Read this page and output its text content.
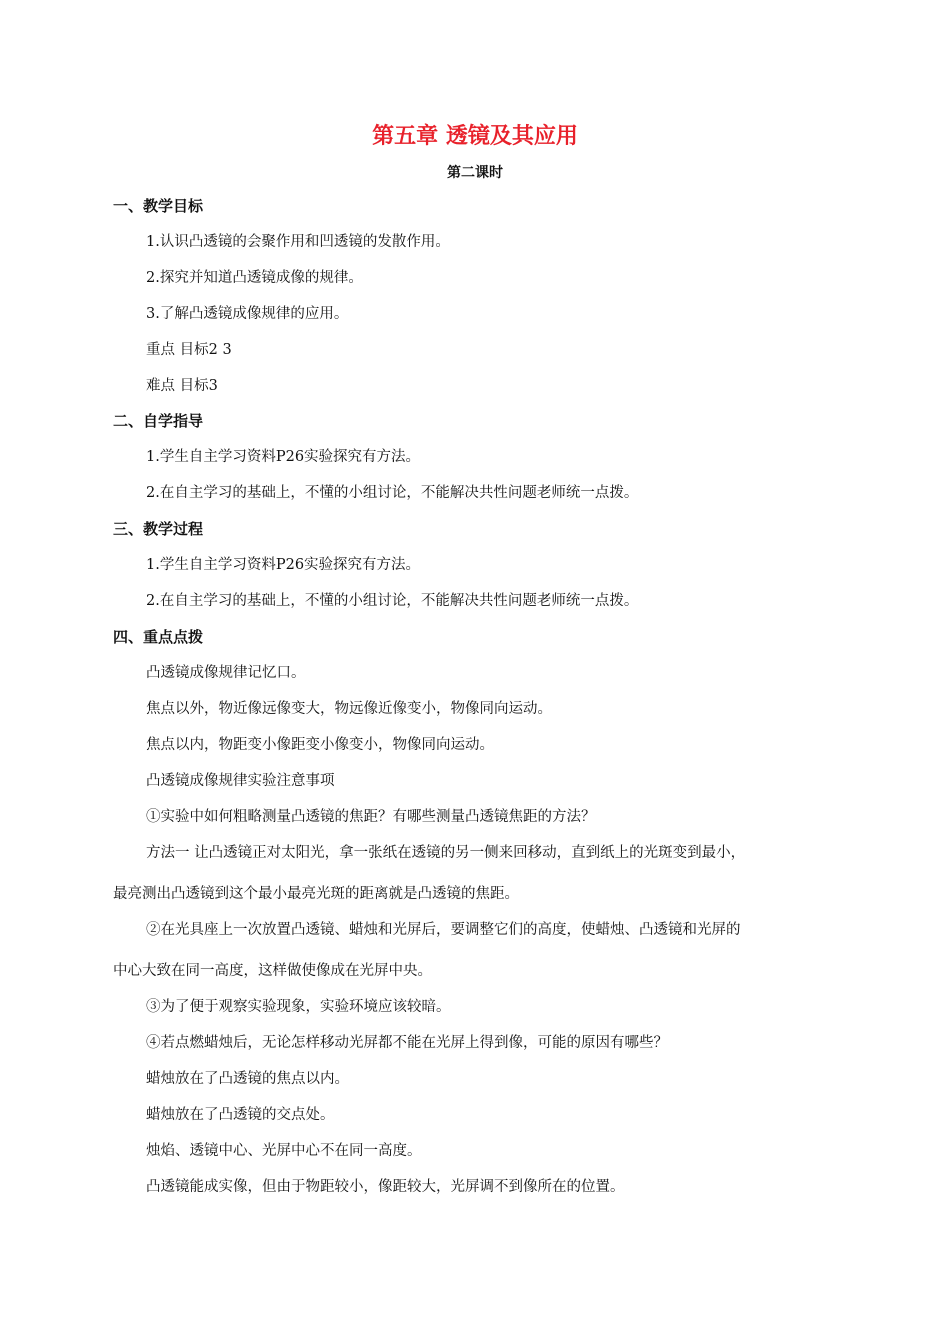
第五章 透镜及其应用
第二课时
一、教学目标
1.认识凸透镜的会聚作用和凹透镜的发散作用。
2.探究并知道凸透镜成像的规律。
3.了解凸透镜成像规律的应用。
重点 目标2 3
难点 目标3
二、自学指导
1.学生自主学习资料P26实验探究有方法。
2.在自主学习的基础上，不懂的小组讨论，不能解决共性问题老师统一点拨。
三、教学过程
1.学生自主学习资料P26实验探究有方法。
2.在自主学习的基础上，不懂的小组讨论，不能解决共性问题老师统一点拨。
四、重点点拨
凸透镜成像规律记忆口。
焦点以外，物近像远像变大，物远像近像变小，物像同向运动。
焦点以内，物距变小像距变小像变小，物像同向运动。
凸透镜成像规律实验注意事项
①实验中如何粗略测量凸透镜的焦距？有哪些测量凸透镜焦距的方法？
方法一 让凸透镜正对太阳光，拿一张纸在透镜的另一侧来回移动，直到纸上的光斑变到最小，
最亮测出凸透镜到这个最小最亮光斑的距离就是凸透镜的焦距。
②在光具座上一次放置凸透镜、蜡烛和光屏后，要调整它们的高度，使蜡烛、凸透镜和光屏的
中心大致在同一高度，这样做使像成在光屏中央。
③为了便于观察实验现象，实验环境应该较暗。
④若点燃蜡烛后，无论怎样移动光屏都不能在光屏上得到像，可能的原因有哪些？
蜡烛放在了凸透镜的焦点以内。
蜡烛放在了凸透镜的交点处。
烛焰、透镜中心、光屏中心不在同一高度。
凸透镜能成实像，但由于物距较小，像距较大，光屏调不到像所在的位置。
